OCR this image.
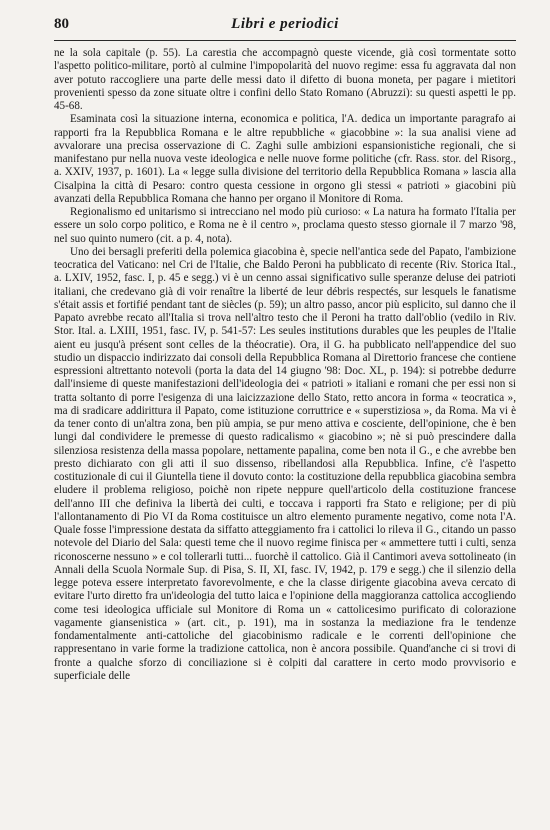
80	Libri e periodici

ne la sola capitale (p. 55). La carestia che accompagnò queste vicende, già così tormentate sotto l'aspetto politico-militare, portò al culmine l'impopolarità del nuovo regime: essa fu aggravata dal non aver potuto raccogliere una parte delle messi dato il difetto di buona moneta, per pagare i mietitori provenienti spesso da zone situate oltre i confini dello Stato Romano (Abruzzi): su questi aspetti le pp. 45-68.

Esaminata così la situazione interna, economica e politica, l'A. dedica un importante paragrafo ai rapporti fra la Repubblica Romana e le altre repubbliche « giacobbine »: la sua analisi viene ad avvalorare una precisa osservazione di C. Zaghi sulle ambizioni espansionistiche regionali, che si manifestano pur nella nuova veste ideologica e nelle nuove forme politiche (cfr. Rass. stor. del Risorg., a. XXIV, 1937, p. 1601). La « legge sulla divisione del territorio della Repubblica Romana » lascia alla Cisalpina la città di Pesaro: contro questa cessione in orgono gli stessi « patrioti » giacobini più avanzati della Repubblica Romana che hanno per organo il Monitore di Roma.

Regionalismo ed unitarismo si intrecciano nel modo più curioso: « La natura ha formato l'Italia per essere un solo corpo politico, e Roma ne è il centro », proclama questo stesso giornale il 7 marzo '98, nel suo quinto numero (cit. a p. 4, nota).

Uno dei bersagli preferiti della polemica giacobina è, specie nell'antica sede del Papato, l'ambizione teocratica del Vaticano: nel Cri de l'Italie, che Baldo Peroni ha pubblicato di recente (Riv. Storica Ital., a. LXIV, 1952, fasc. I, p. 45 e segg.) vi è un cenno assai significativo sulle speranze deluse dei patrioti italiani, che credevano già di voir renaître la liberté de leur débris respectés, sur lesquels le fanatisme s'était assis et fortifié pendant tant de siècles (p. 59); un altro passo, ancor più esplicito, sul danno che il Papato avrebbe recato all'Italia si trova nell'altro testo che il Peroni ha tratto dall'oblio (vedilo in Riv. Stor. Ital. a. LXIII, 1951, fasc. IV, p. 541-57: Les seules institutions durables que les peuples de l'Italie aient eu jusqu'à présent sont celles de la théocratie). Ora, il G. ha pubblicato nell'appendice del suo studio un dispaccio indirizzato dai consoli della Repubblica Romana al Direttorio francese che contiene espressioni altrettanto notevoli (porta la data del 14 giugno '98: Doc. XL, p. 194): si potrebbe dedurre dall'insieme di queste manifestazioni dell'ideologia dei « patrioti » italiani e romani che per essi non si tratta soltanto di porre l'esigenza di una laicizzazione dello Stato, retto ancora in forma « teocratica », ma di sradicare addirittura il Papato, come istituzione corruttrice e « superstiziosa », da Roma. Ma vi è da tener conto di un'altra zona, ben più ampia, se pur meno attiva e cosciente, dell'opinione, che è ben lungi dal condividere le premesse di questo radicalismo « giacobino »; nè si può prescindere dalla silenziosa resistenza della massa popolare, nettamente papalina, come ben nota il G., e che avrebbe ben presto dichiarato con gli atti il suo dissenso, ribellandosi alla Repubblica. Infine, c'è l'aspetto costituzionale di cui il Giuntella tiene il dovuto conto: la costituzione della repubblica giacobina sembra eludere il problema religioso, poichè non ripete neppure quell'articolo della costituzione francese dell'anno III che definiva la libertà dei culti, e toccava i rapporti fra Stato e religione; per di più l'allontanamento di Pio VI da Roma costituisce un altro elemento puramente negativo, come nota l'A. Quale fosse l'impressione destata da siffatto atteggiamento fra i cattolici lo rileva il G., citando un passo notevole del Diario del Sala: questi teme che il nuovo regime finisca per « ammettere tutti i culti, senza riconoscerne nessuno » e col tollerarli tutti... fuorchè il cattolico. Già il Cantimori aveva sottolineato (in Annali della Scuola Normale Sup. di Pisa, S. II, XI, fasc. IV, 1942, p. 179 e segg.) che il silenzio della legge poteva essere interpretato favorevolmente, e che la classe dirigente giacobina aveva cercato di evitare l'urto diretto fra un'ideologia del tutto laica e l'opinione della maggioranza cattolica accogliendo come tesi ideologica ufficiale sul Monitore di Roma un « cattolicesimo purificato di colorazione vagamente giansenistica » (art. cit., p. 191), ma in sostanza la mediazione fra le tendenze fondamentalmente anti-cattoliche del giacobinismo radicale e le correnti dell'opinione che rappresentano in varie forme la tradizione cattolica, non è ancora possibile. Quand'anche ci si trovi di fronte a qualche sforzo di conciliazione si è colpiti dal carattere in certo modo provvisorio e superficiale delle
